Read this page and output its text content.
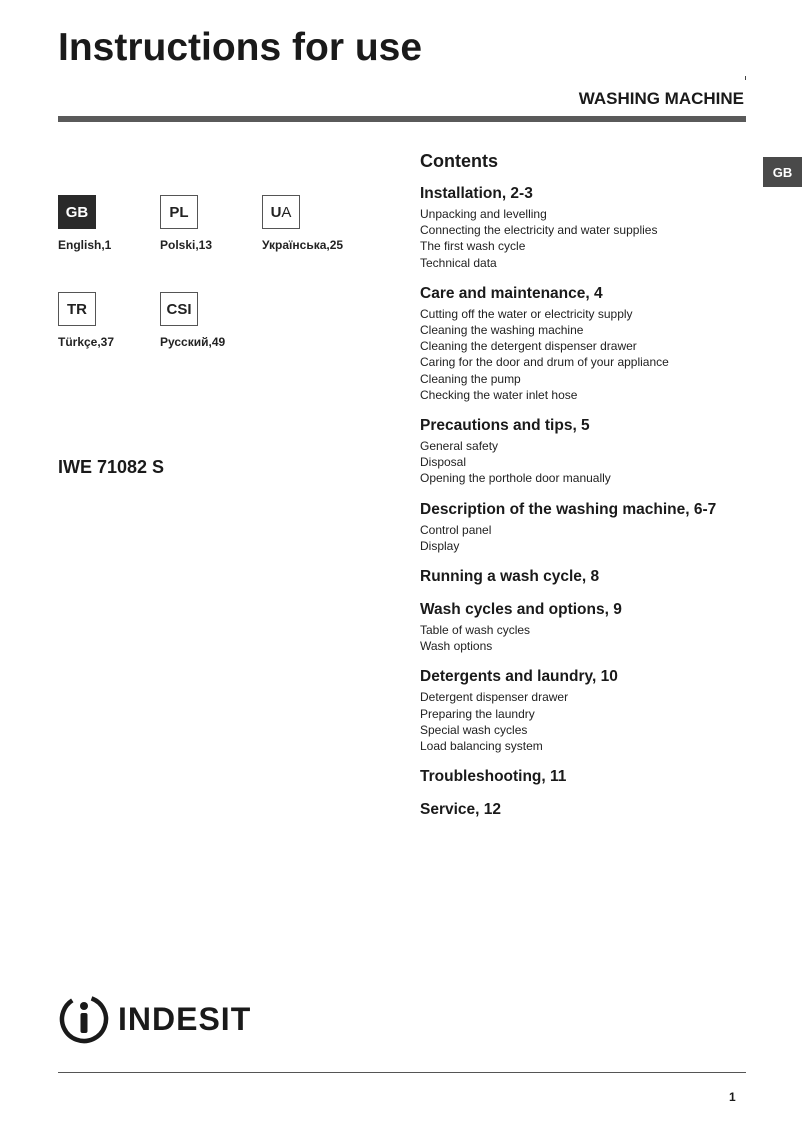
Instructions for use
WASHING MACHINE
GB
GB
English,1
PL
Polski,13
U A
Українська,25
TR
Türkçe,37
CSI
Русский,49
IWE 71082 S
Contents
Installation, 2-3
Unpacking and levelling
Connecting the electricity and water supplies
The first wash cycle
Technical data
Care and maintenance, 4
Cutting off the water or electricity supply
Cleaning the washing machine
Cleaning the detergent dispenser drawer
Caring for the door and drum of your appliance
Cleaning the pump
Checking the water inlet hose
Precautions and tips, 5
General safety
Disposal
Opening the porthole door manually
Description of the washing machine, 6-7
Control panel
Display
Running a wash cycle, 8
Wash cycles and options, 9
Table of wash cycles
Wash options
Detergents and laundry, 10
Detergent dispenser drawer
Preparing the laundry
Special wash cycles
Load balancing system
Troubleshooting, 11
Service, 12
INDESIT
1
